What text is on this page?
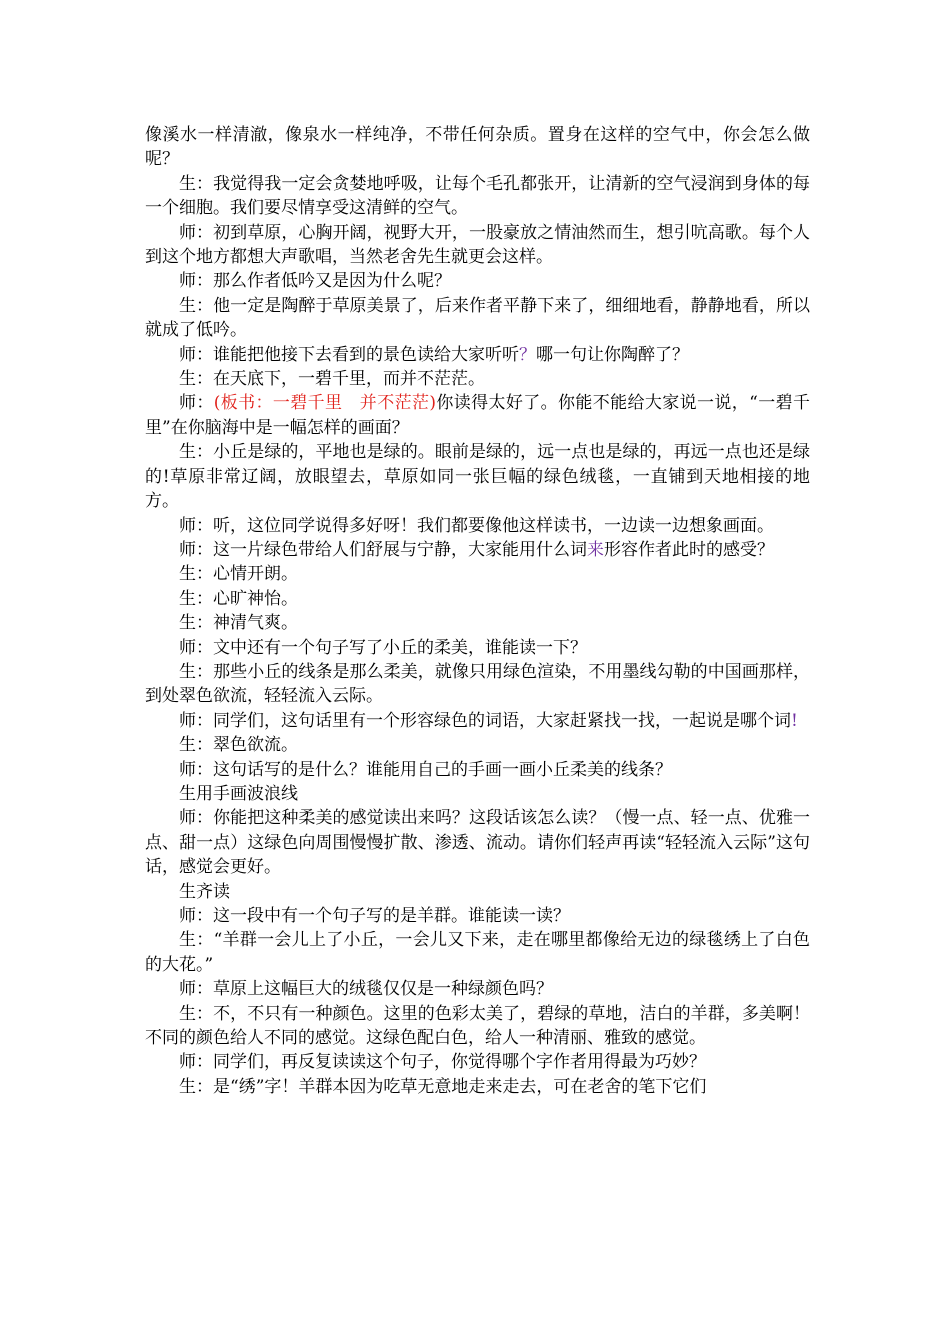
像溪水一样清澈，像泉水一样纯净，不带任何杂质。置身在这样的空气中，你会怎么做呢？

生：我觉得我一定会贪婪地呼吸，让每个毛孔都张开，让清新的空气浸润到身体的每一个细胞。我们要尽情享受这清鲜的空气。

师：初到草原，心胸开阔，视野大开，一股豪放之情油然而生，想引吭高歌。每个人到这个地方都想大声歌唱，当然老舍先生就更会这样。

师：那么作者低吟又是因为什么呢？

生：他一定是陶醉于草原美景了，后来作者平静下来了，细细地看，静静地看，所以就成了低吟。

师：谁能把他接下去看到的景色读给大家听听？哪一句让你陶醉了？

生：在天底下，一碧千里，而并不茫茫。

师：(板书：一碧千里　并不茫茫)你读得太好了。你能不能给大家说一说，“一碧千里”在你脑海中是一幅怎样的画面？

生：小丘是绿的，平地也是绿的。眼前是绿的，远一点也是绿的，再远一点也还是绿的!草原非常辽阔，放眼望去，草原如同一张巨幅的绿色绒毯，一直铺到天地相接的地方。

师：听，这位同学说得多好呀！我们都要像他这样读书，一边读一边想象画面。

师：这一片绿色带给人们舒展与宁静，大家能用什么词来形容作者此时的感受？

生：心情开朗。

生：心旷神怡。

生：神清气爽。

师：文中还有一个句子写了小丘的柔美，谁能读一下？

生：那些小丘的线条是那么柔美，就像只用绿色渲染，不用墨线勾勒的中国画那样，到处翠色欲流，轻轻流入云际。

师：同学们，这句话里有一个形容绿色的词语，大家赶紧找一找，一起说是哪个词!

生：翠色欲流。

师：这句话写的是什么？谁能用自己的手画一画小丘柔美的线条？

生用手画波浪线

师：你能把这种柔美的感觉读出来吗？这段话该怎么读？（慢一点、轻一点、优雅一点、甜一点）这绿色向周围慢慢扩散、渗透、流动。请你们轻声再读“轻轻流入云际”这句话，感觉会更好。

生齐读

师：这一段中有一个句子写的是羊群。谁能读一读？

生：“羊群一会儿上了小丘，一会儿又下来，走在哪里都像给无边的绿毯绣上了白色的大花。”

师：草原上这幅巨大的绒毯仅仅是一种绿颜色吗？

生：不，不只有一种颜色。这里的色彩太美了，碧绿的草地，洁白的羊群，多美啊！不同的颜色给人不同的感觉。这绿色配白色，给人一种清丽、雅致的感觉。

师：同学们，再反复读读这个句子，你觉得哪个字作者用得最为巧妙？

生：是“绣”字！羊群本因为吃草无意地走来走去，可在老舍的笔下它们
